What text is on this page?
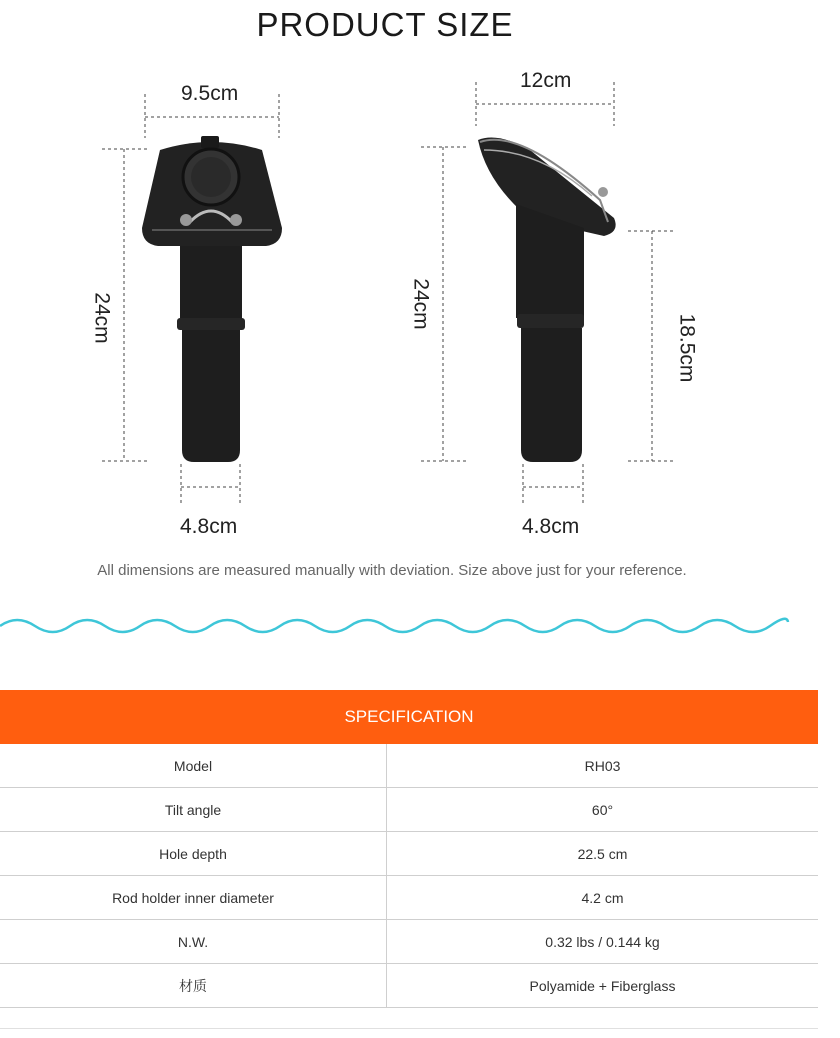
PRODUCT SIZE
9.5cm
24cm
4.8cm
12cm
24cm
18.5cm
4.8cm
All dimensions are measured manually with deviation. Size above just for your reference.
SPECIFICATION	
Model	RH03
Tilt angle	60°
Hole depth	22.5 cm
Rod holder inner diameter	4.2 cm
N.W.	0.32 lbs / 0.144 kg
材质	Polyamide + Fiberglass
